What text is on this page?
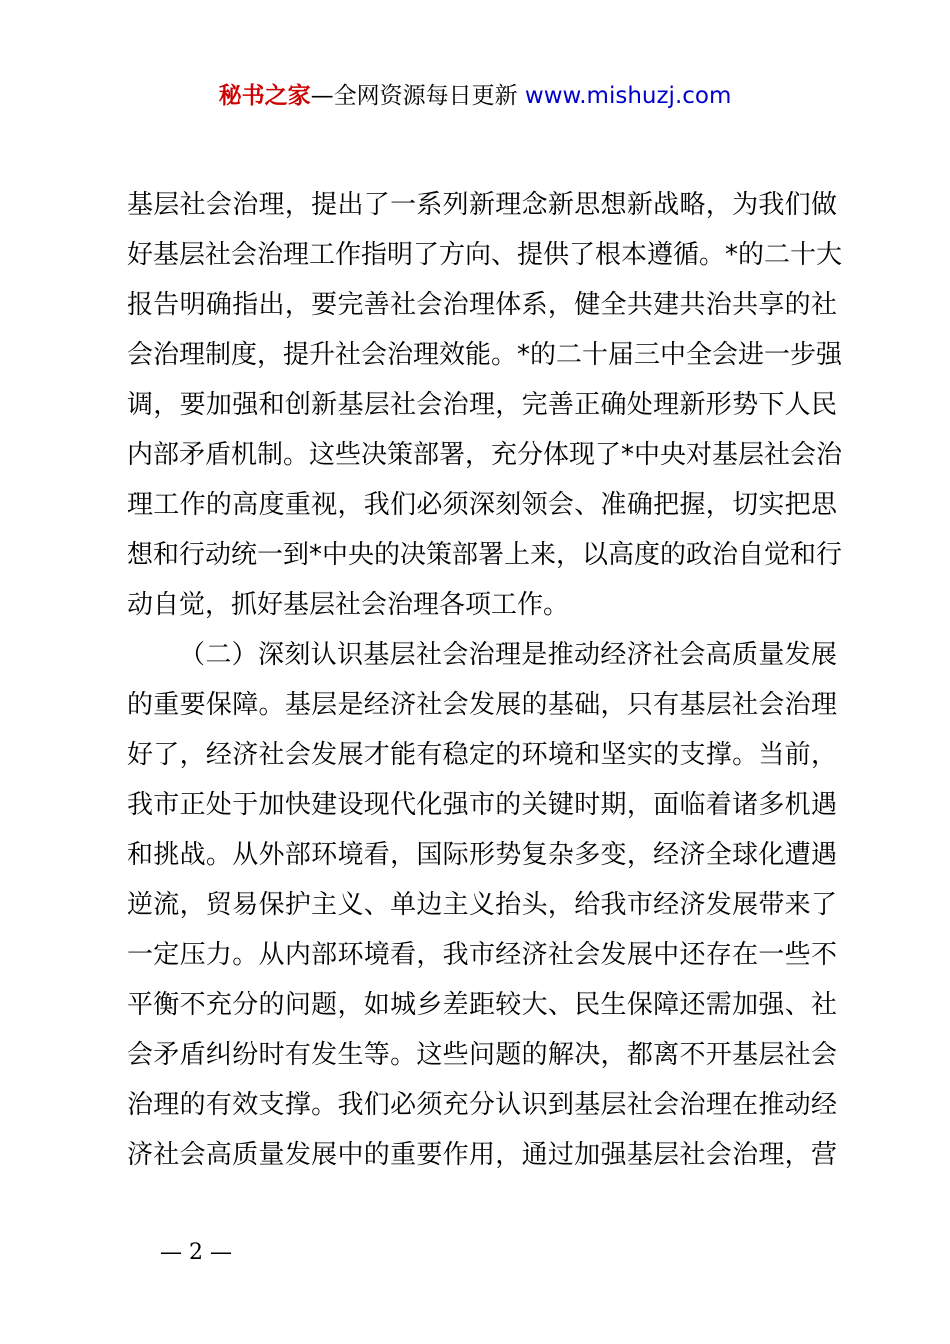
秘书之家—全网资源每日更新 www.mishuzj.com
基层社会治理，提出了一系列新理念新思想新战略，为我们做
好基层社会治理工作指明了方向、提供了根本遵循。*的二十大
报告明确指出，要完善社会治理体系，健全共建共治共享的社
会治理制度，提升社会治理效能。*的二十届三中全会进一步强
调，要加强和创新基层社会治理，完善正确处理新形势下人民
内部矛盾机制。这些决策部署，充分体现了*中央对基层社会治
理工作的高度重视，我们必须深刻领会、准确把握，切实把思
想和行动统一到*中央的决策部署上来，以高度的政治自觉和行
动自觉，抓好基层社会治理各项工作。
（二）深刻认识基层社会治理是推动经济社会高质量发展
的重要保障。基层是经济社会发展的基础，只有基层社会治理
好了，经济社会发展才能有稳定的环境和坚实的支撑。当前，
我市正处于加快建设现代化强市的关键时期，面临着诸多机遇
和挑战。从外部环境看，国际形势复杂多变，经济全球化遭遇
逆流，贸易保护主义、单边主义抬头，给我市经济发展带来了
一定压力。从内部环境看，我市经济社会发展中还存在一些不
平衡不充分的问题，如城乡差距较大、民生保障还需加强、社
会矛盾纠纷时有发生等。这些问题的解决，都离不开基层社会
治理的有效支撑。我们必须充分认识到基层社会治理在推动经
济社会高质量发展中的重要作用，通过加强基层社会治理，营
— 2 —
